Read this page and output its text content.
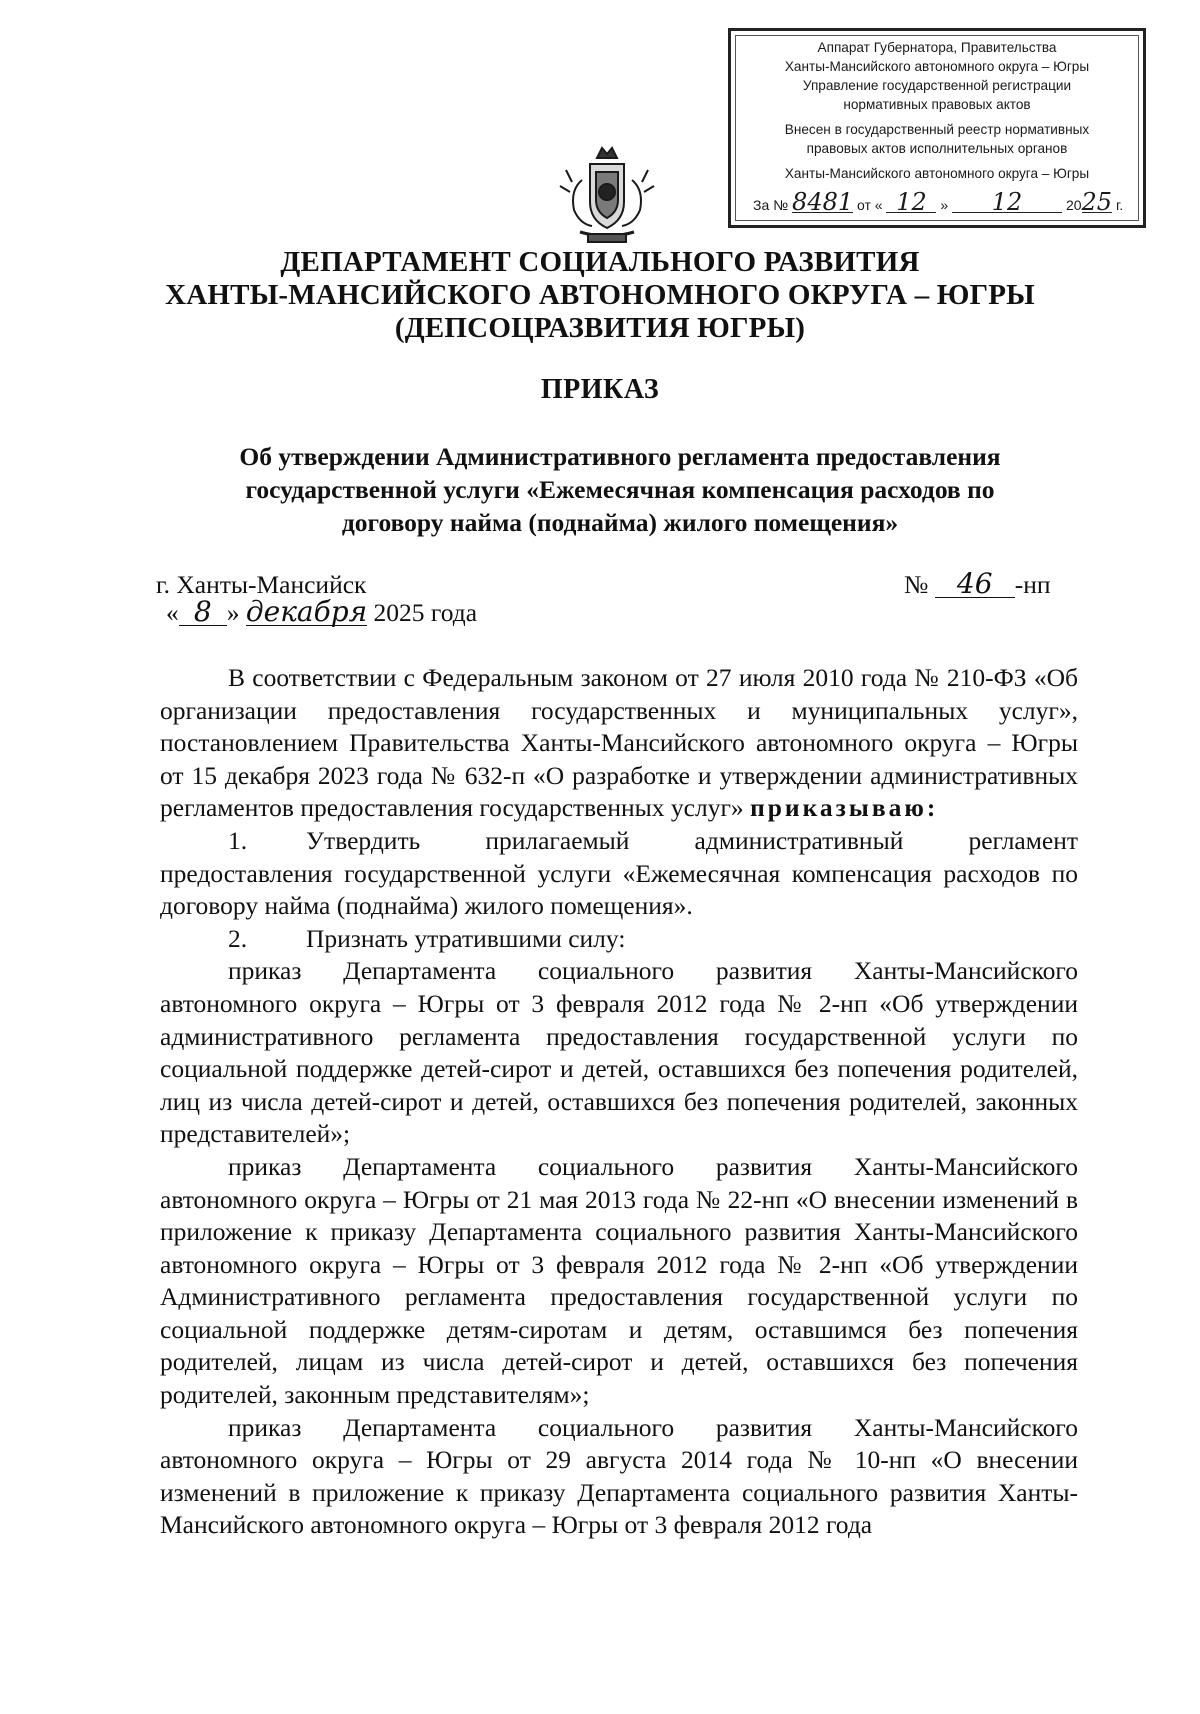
Аппарат Губернатора, Правительства
Ханты-Мансийского автономного округа – Югры
Управление государственной регистрации
нормативных правовых актов
Внесен в государственный реестр нормативных
правовых актов исполнительных органов
Ханты-Мансийского автономного округа – Югры
За № 8481 от « 12 » 12	2025 г.
ДЕПАРТАМЕНТ СОЦИАЛЬНОГО РАЗВИТИЯ
ХАНТЫ-МАНСИЙСКОГО АВТОНОМНОГО ОКРУГА – ЮГРЫ
(ДЕПСОЦРАЗВИТИЯ ЮГРЫ)
ПРИКАЗ
Об утверждении Административного регламента предоставления
государственной услуги «Ежемесячная компенсация расходов по
договору найма (поднайма) жилого помещения»
г. Ханты-Мансийск
« 8 » декабря 2025 года
№ 46 -нп

В соответствии с Федеральным законом от 27 июля 2010 года № 210-ФЗ «Об организации предоставления государственных и муниципальных услуг», постановлением Правительства Ханты-Мансийского автономного округа – Югры от 15 декабря 2023 года № 632-п «О разработке и утверждении административных регламентов предоставления государственных услуг» приказываю:

1. Утвердить прилагаемый административный регламент предоставления государственной услуги «Ежемесячная компенсация расходов по договору найма (поднайма) жилого помещения».

2. Признать утратившими силу:

приказ Департамента социального развития Ханты-Мансийского автономного округа – Югры от 3 февраля 2012 года № 2-нп «Об утверждении административного регламента предоставления государственной услуги по социальной поддержке детей-сирот и детей, оставшихся без попечения родителей, лиц из числа детей-сирот и детей, оставшихся без попечения родителей, законных представителей»;

приказ Департамента социального развития Ханты-Мансийского автономного округа – Югры от 21 мая 2013 года № 22-нп «О внесении изменений в приложение к приказу Департамента социального развития Ханты-Мансийского автономного округа – Югры от 3 февраля 2012 года № 2-нп «Об утверждении Административного регламента предоставления государственной услуги по социальной поддержке детям-сиротам и детям, оставшимся без попечения родителей, лицам из числа детей-сирот и детей, оставшихся без попечения родителей, законным представителям»;

приказ Департамента социального развития Ханты-Мансийского автономного округа – Югры от 29 августа 2014 года № 10-нп «О внесении изменений в приложение к приказу Департамента социального развития Ханты-Мансийского автономного округа – Югры от 3 февраля 2012 года
